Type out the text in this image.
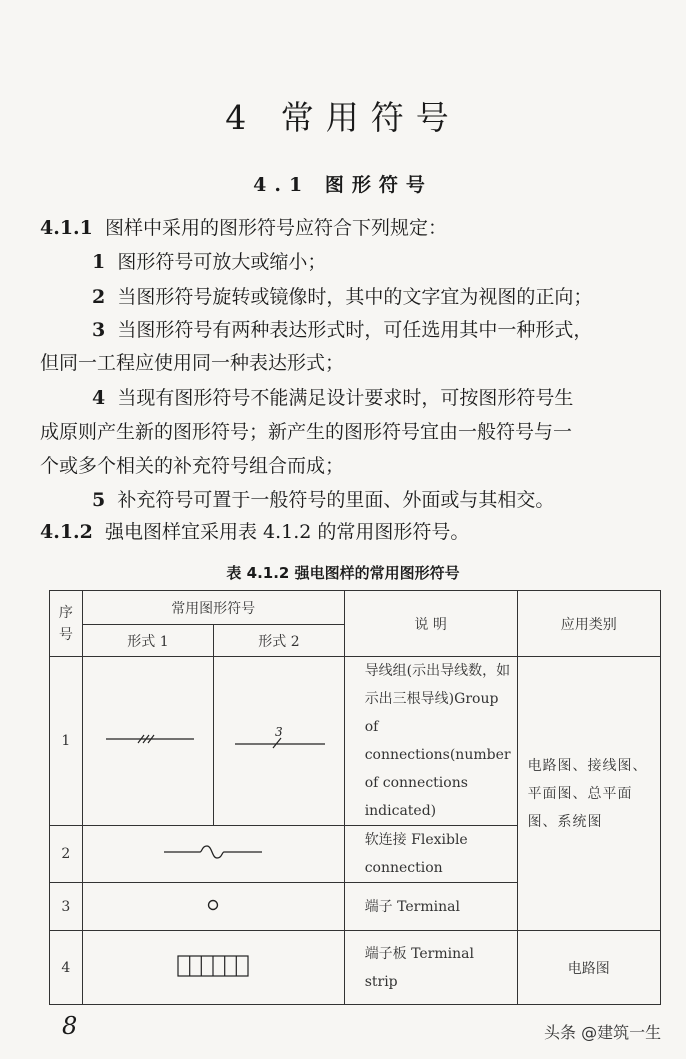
4 常用符号
4.1 图形符号
4.1.1 图样中采用的图形符号应符合下列规定：
1 图形符号可放大或缩小；
2 当图形符号旋转或镜像时，其中的文字宜为视图的正向；
3 当图形符号有两种表达形式时，可任选用其中一种形式，
但同一工程应使用同一种表达形式；
4 当现有图形符号不能满足设计要求时，可按图形符号生
成原则产生新的图形符号；新产生的图形符号宜由一般符号与一
个或多个相关的补充符号组合而成；
5 补充符号可置于一般符号的里面、外面或与其相交。
4.1.2 强电图样宜采用表 4.1.2 的常用图形符号。
表 4.1.2 强电图样的常用图形符号
序号	常用图形符号		说 明	应用类别
	形式 1	形式 2		
1		3	导线组(示出导线数，如示出三根导线)Group of connections(number of connections indicated)	电路图、接线图、平面图、总平面图、系统图
2			软连接 Flexible connection	
3			端子 Terminal	
4			端子板 Terminal strip	电路图
8	头条 @建筑一生
